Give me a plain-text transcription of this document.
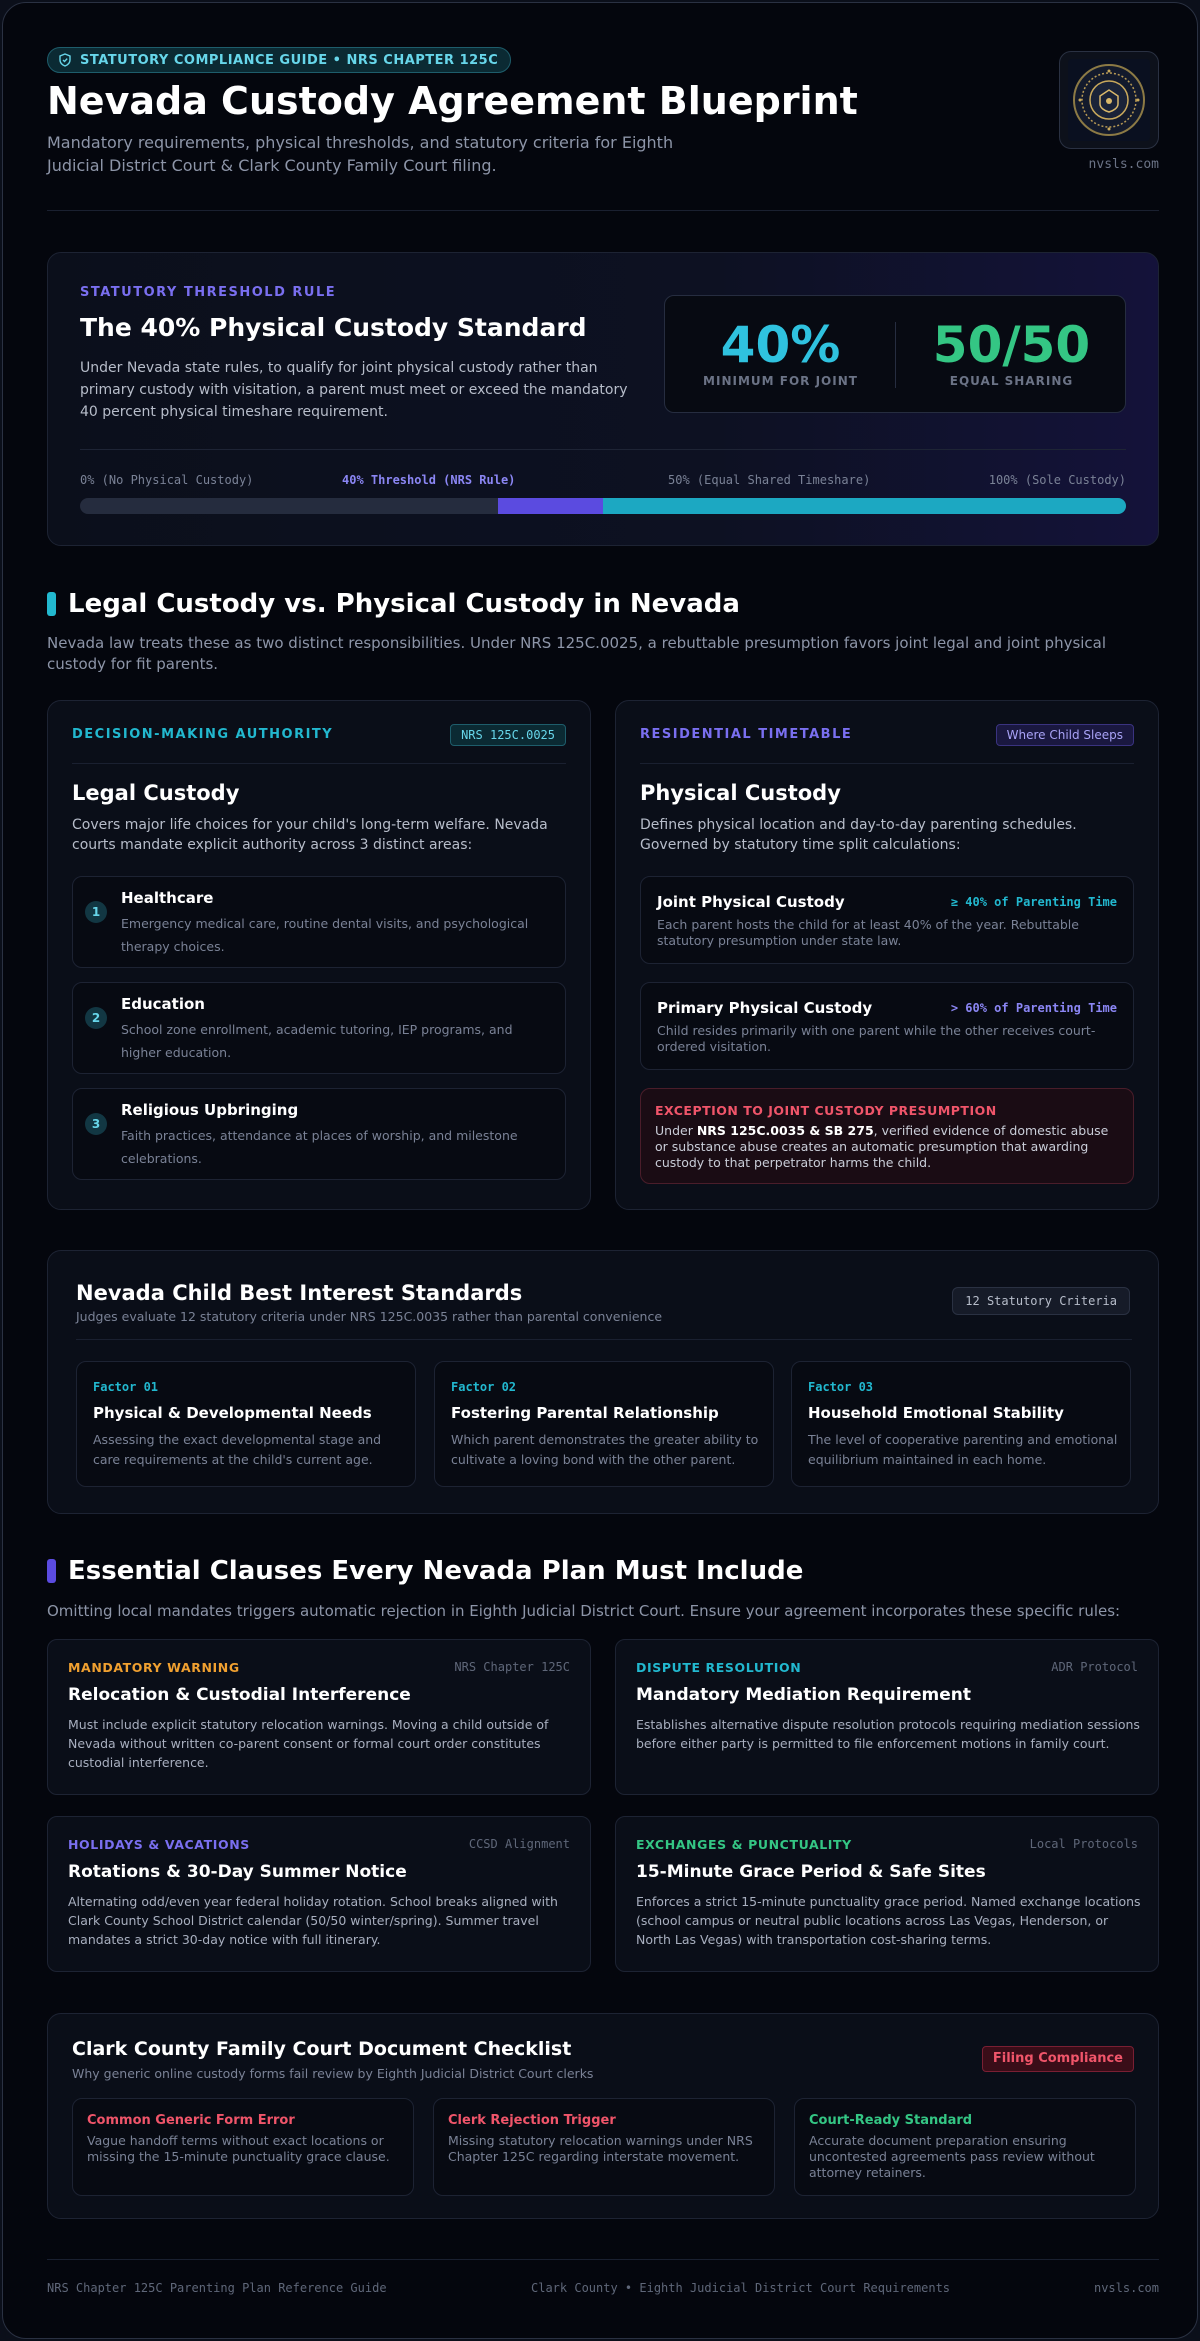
STATUTORY COMPLIANCE GUIDE • NRS CHAPTER 125C
Nevada Custody Agreement Blueprint

Mandatory requirements, physical thresholds, and statutory criteria for Eighth Judicial District Court & Clark County Family Court filing.	nvsls.com
STATUTORY THRESHOLD RULE
The 40% Physical Custody Standard

Under Nevada state rules, to qualify for joint physical custody rather than primary custody with visitation, a parent must meet or exceed the mandatory 40 percent physical timeshare requirement.

40%
MINIMUM FOR JOINT
50/50
EQUAL SHARING
0% (No Physical Custody)	40% Threshold (NRS Rule)	50% (Equal Shared Timeshare)	100% (Sole Custody)
Legal Custody vs. Physical Custody in Nevada

Nevada law treats these as two distinct responsibilities. Under NRS 125C.0025, a rebuttable presumption favors joint legal and joint physical custody for fit parents.

DECISION-MAKING AUTHORITY	NRS 125C.0025
Legal Custody

Covers major life choices for your child's long-term welfare. Nevada courts mandate explicit authority across 3 distinct areas:

1
Healthcare

Emergency medical care, routine dental visits, and psychological therapy choices.

2
Education

School zone enrollment, academic tutoring, IEP programs, and higher education.

3
Religious Upbringing

Faith practices, attendance at places of worship, and milestone celebrations.

RESIDENTIAL TIMETABLE	Where Child Sleeps
Physical Custody

Defines physical location and day-to-day parenting schedules. Governed by statutory time split calculations:

Joint Physical Custody	≥ 40% of Parenting Time

Each parent hosts the child for at least 40% of the year. Rebuttable statutory presumption under state law.

Primary Physical Custody	> 60% of Parenting Time

Child resides primarily with one parent while the other receives court-ordered visitation.

EXCEPTION TO JOINT CUSTODY PRESUMPTION

Under NRS 125C.0035 & SB 275, verified evidence of domestic abuse or substance abuse creates an automatic presumption that awarding custody to that perpetrator harms the child.

Nevada Child Best Interest Standards

Judges evaluate 12 statutory criteria under NRS 125C.0035 rather than parental convenience

12 Statutory Criteria
Factor 01
Physical & Developmental Needs

Assessing the exact developmental stage and care requirements at the child's current age.

Factor 02
Fostering Parental Relationship

Which parent demonstrates the greater ability to cultivate a loving bond with the other parent.

Factor 03
Household Emotional Stability

The level of cooperative parenting and emotional equilibrium maintained in each home.

Essential Clauses Every Nevada Plan Must Include

Omitting local mandates triggers automatic rejection in Eighth Judicial District Court. Ensure your agreement incorporates these specific rules:

MANDATORY WARNING	NRS Chapter 125C
Relocation & Custodial Interference

Must include explicit statutory relocation warnings. Moving a child outside of Nevada without written co-parent consent or formal court order constitutes custodial interference.

DISPUTE RESOLUTION	ADR Protocol
Mandatory Mediation Requirement

Establishes alternative dispute resolution protocols requiring mediation sessions before either party is permitted to file enforcement motions in family court.

HOLIDAYS & VACATIONS	CCSD Alignment
Rotations & 30-Day Summer Notice

Alternating odd/even year federal holiday rotation. School breaks aligned with Clark County School District calendar (50/50 winter/spring). Summer travel mandates a strict 30-day notice with full itinerary.

EXCHANGES & PUNCTUALITY	Local Protocols
15-Minute Grace Period & Safe Sites

Enforces a strict 15-minute punctuality grace period. Named exchange locations (school campus or neutral public locations across Las Vegas, Henderson, or North Las Vegas) with transportation cost-sharing terms.

Clark County Family Court Document Checklist

Why generic online custody forms fail review by Eighth Judicial District Court clerks

Filing Compliance
Common Generic Form Error

Vague handoff terms without exact locations or missing the 15-minute punctuality grace clause.

Clerk Rejection Trigger

Missing statutory relocation warnings under NRS Chapter 125C regarding interstate movement.

Court-Ready Standard

Accurate document preparation ensuring uncontested agreements pass review without attorney retainers.

NRS Chapter 125C Parenting Plan Reference Guide	Clark County • Eighth Judicial District Court Requirements	nvsls.com
